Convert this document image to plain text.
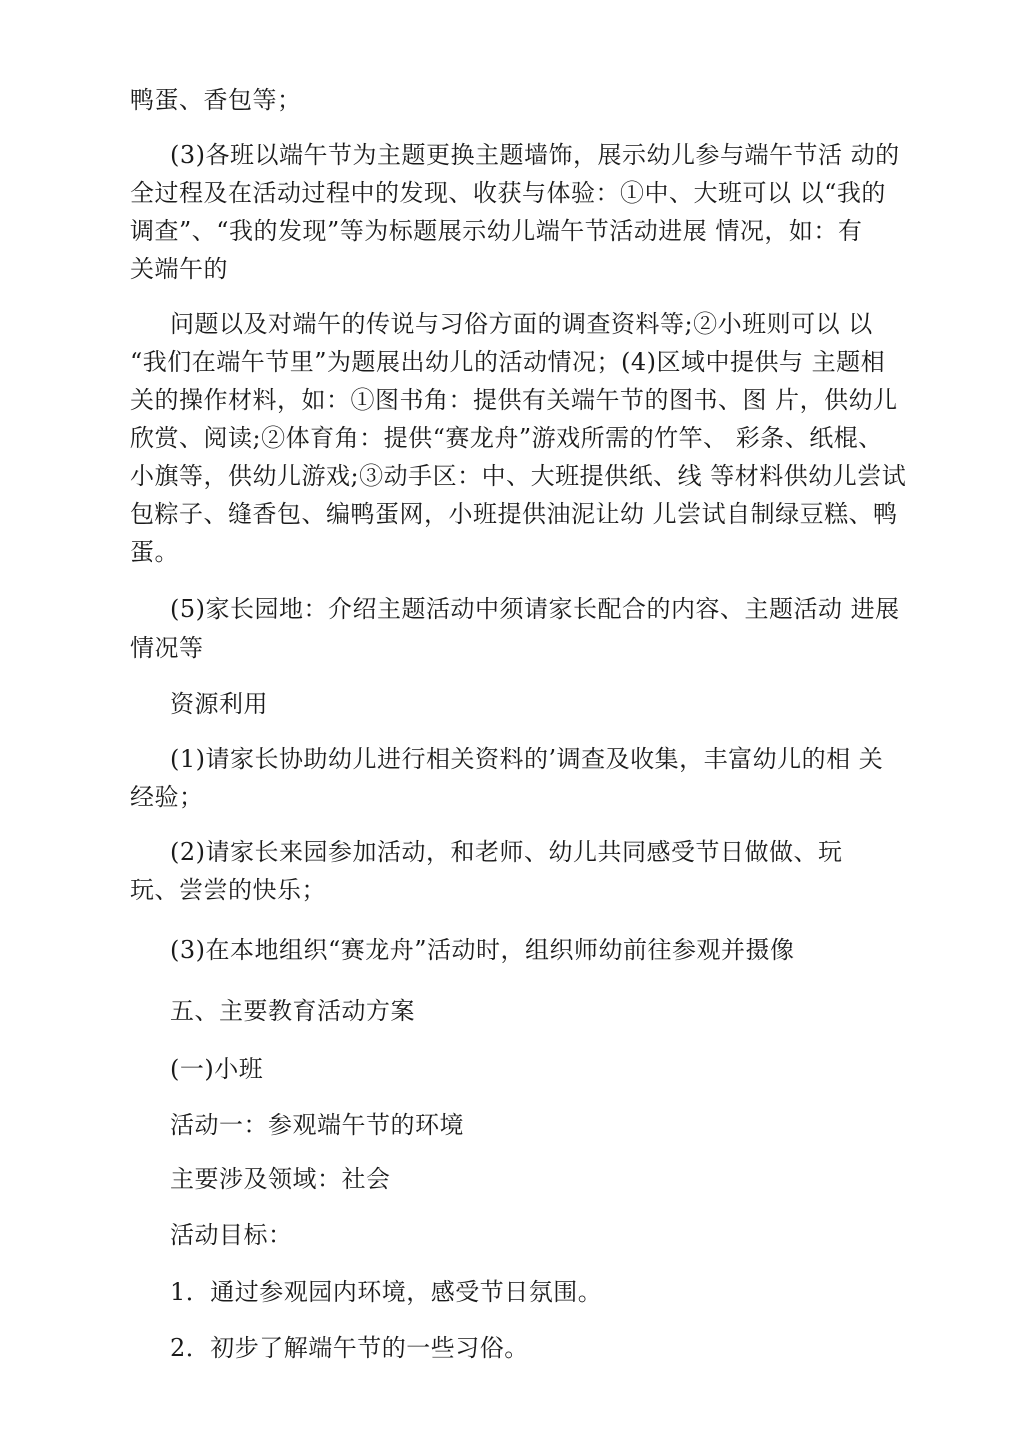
鸭蛋、香包等；

(3)各班以端午节为主题更换主题墙饰，展示幼儿参与端午节活 动的

全过程及在活动过程中的发现、收获与体验：①中、大班可以 以“我的

调查”、“我的发现”等为标题展示幼儿端午节活动进展 情况，如：有

关端午的

问题以及对端午的传说与习俗方面的调查资料等;②小班则可以 以

“我们在端午节里”为题展出幼儿的活动情况；(4)区域中提供与 主题相

关的操作材料，如：①图书角：提供有关端午节的图书、图 片，供幼儿

欣赏、阅读;②体育角：提供“赛龙舟”游戏所需的竹竿、 彩条、纸棍、

小旗等，供幼儿游戏;③动手区：中、大班提供纸、线 等材料供幼儿尝试

包粽子、缝香包、编鸭蛋网，小班提供油泥让幼 儿尝试自制绿豆糕、鸭

蛋。

(5)家长园地：介绍主题活动中须请家长配合的内容、主题活动 进展

情况等

资源利用

(1)请家长协助幼儿进行相关资料的’调查及收集，丰富幼儿的相 关

经验；

(2)请家长来园参加活动，和老师、幼儿共同感受节日做做、玩

玩、尝尝的快乐；

(3)在本地组织“赛龙舟”活动时，组织师幼前往参观并摄像

五、主要教育活动方案

(一)小班

活动一：参观端午节的环境

主要涉及领域：社会

活动目标：

1．通过参观园内环境，感受节日氛围。

2．初步了解端午节的一些习俗。
